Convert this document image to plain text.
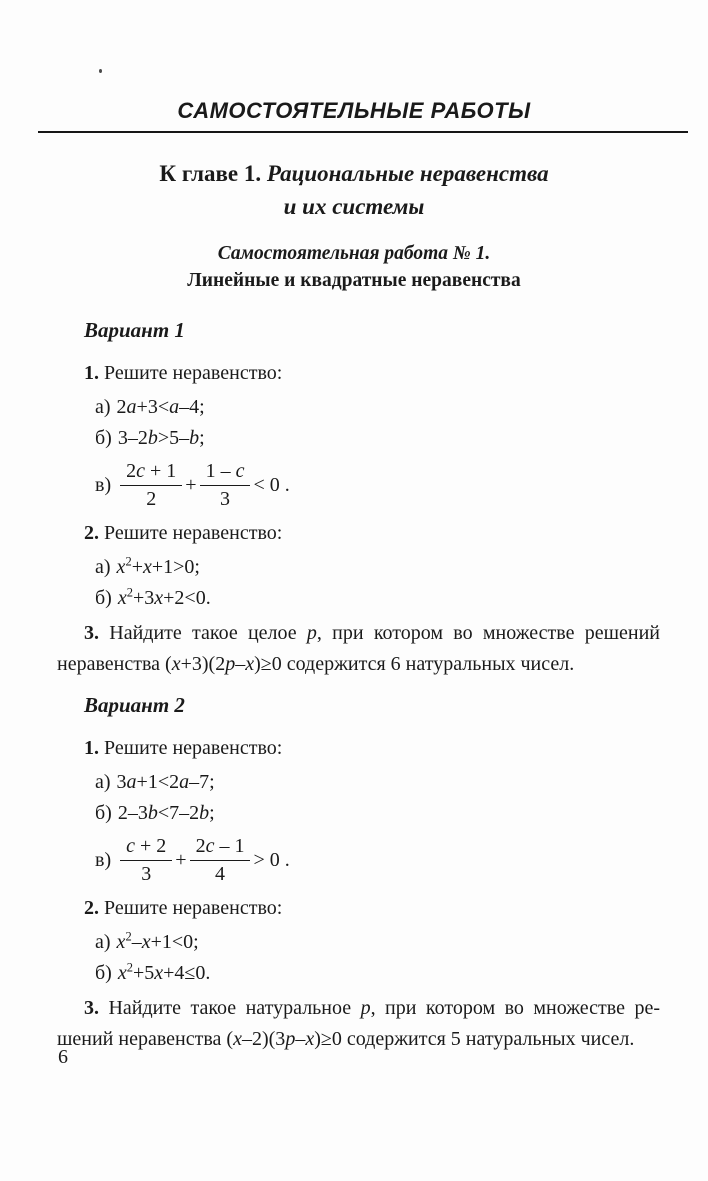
САМОСТОЯТЕЛЬНЫЕ РАБОТЫ
К главе 1. Рациональные неравенства
и их системы
Самостоятельная работа № 1.
Линейные и квадратные неравенства
Вариант 1

1. Решите неравенство:

а) 2a+3<a–4;
б) 3–2b>5–b;
$в) \frac{2c + 1}{2} + \frac{1 - c}{3} < 0$ .

2. Решите неравенство:

а) $x^2+x+1>0$;
б) $x^2+3x+2<0$.
3. Найдите такое целое p, при котором во множестве решений
неравенства (x+3)(2p–x)≥0 содержится 6 натуральных чисел.
Вариант 2

1. Решите неравенство:

а) 3a+1<2a–7;
б) 2–3b<7–2b;
$в) \frac{c + 2}{3} + \frac{2c - 1}{4} > 0$ .

2. Решите неравенство:

а) $x^2-x+1<0$;
б) $x^2+5x+4\le 0$.
3. Найдите такое натуральное p, при котором во множестве ре-
шений неравенства (x–2)(3p–x)≥0 содержится 5 натуральных чисел.
6
